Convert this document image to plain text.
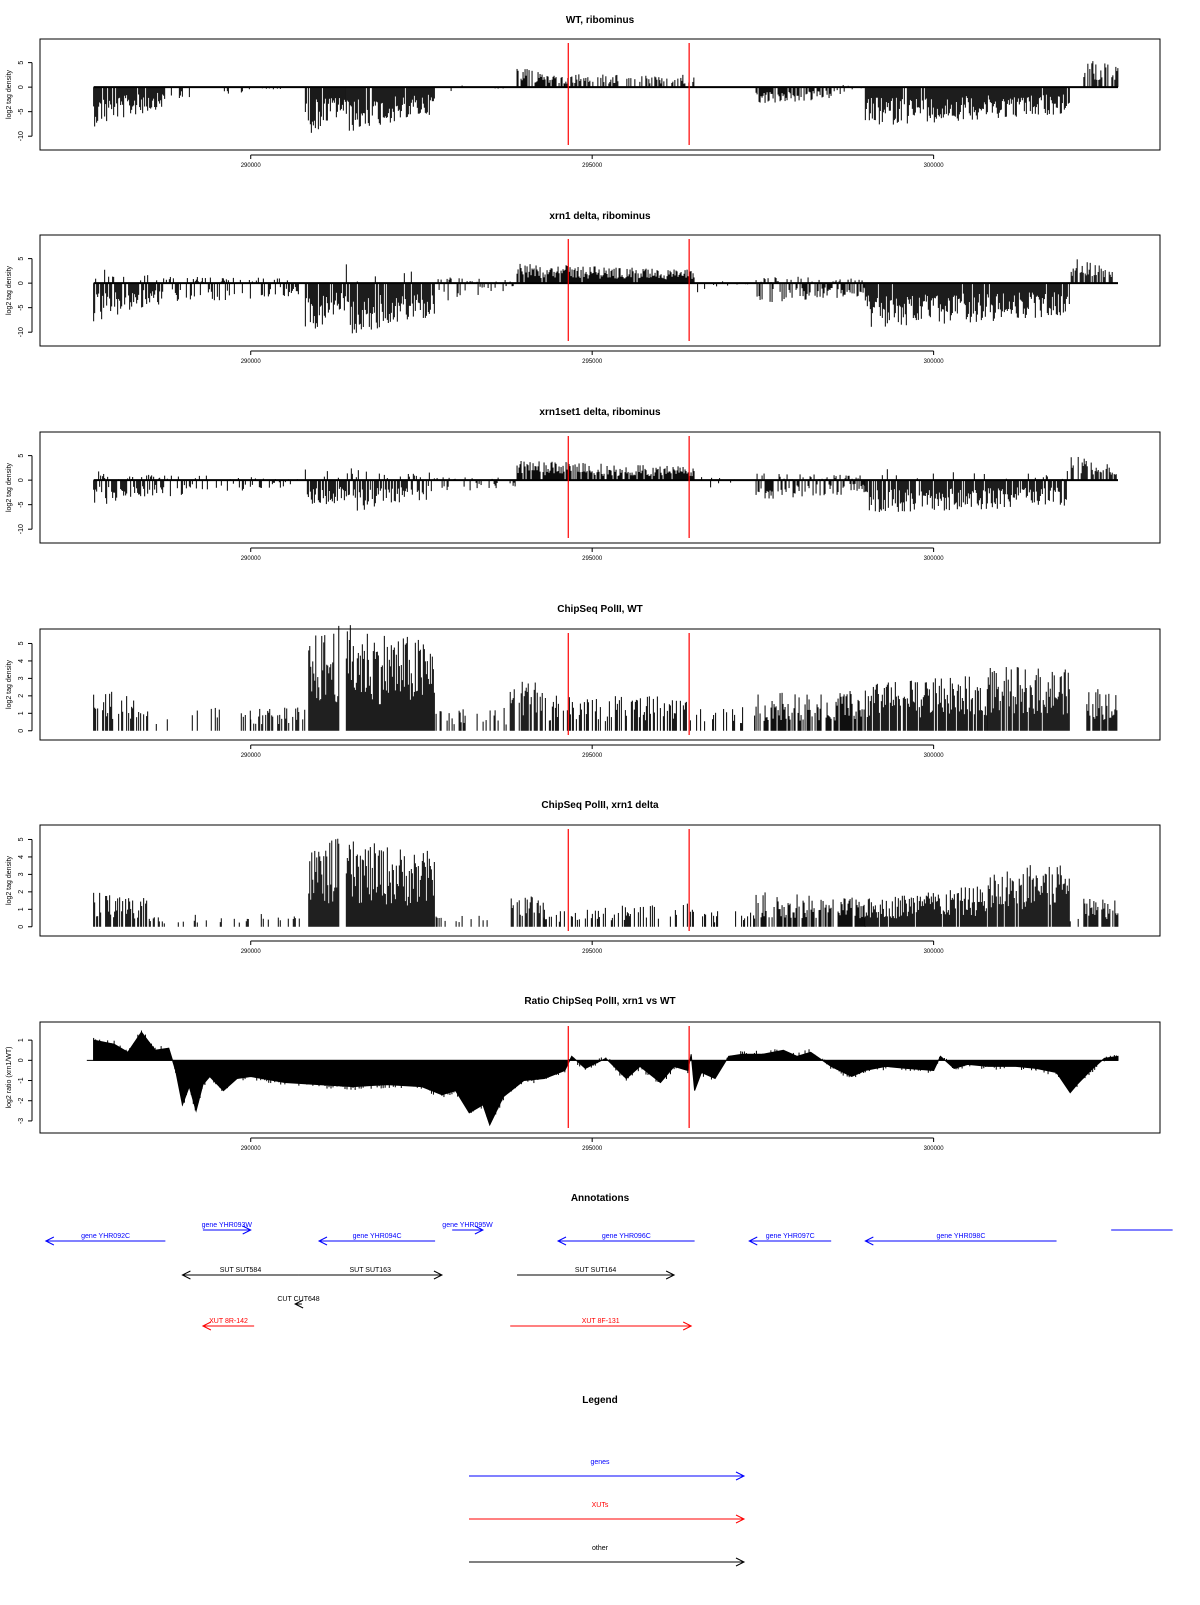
WT, ribominus
log2 tag density
-10
-5
0
5
290000	295000	300000
xrn1 delta, ribominus
log2 tag density
-10
-5
0
5
290000	295000	300000
xrn1set1 delta, ribominus
log2 tag density
-10
-5
0
5
290000	295000	300000
ChipSeq PolII, WT
log2 tag density
0
1
2
3
4
5
290000	295000	300000
ChipSeq PolII, xrn1 delta
log2 tag density
0
1
2
3
4
5
290000	295000	300000
Ratio ChipSeq PolII, xrn1 vs WT
log2 ratio (xrn1/WT)
-3
-2
-1
0
1
290000	295000	300000
Annotations
gene YHR092C
gene YHR093W
gene YHR094C
gene YHR095W
gene YHR096C	gene YHR097C	gene YHR098C
SUT SUT584	SUT SUT163	SUT SUT164
CUT CUT648
XUT 8R-142	XUT 8F-131
Legend
genes
XUTs
other
